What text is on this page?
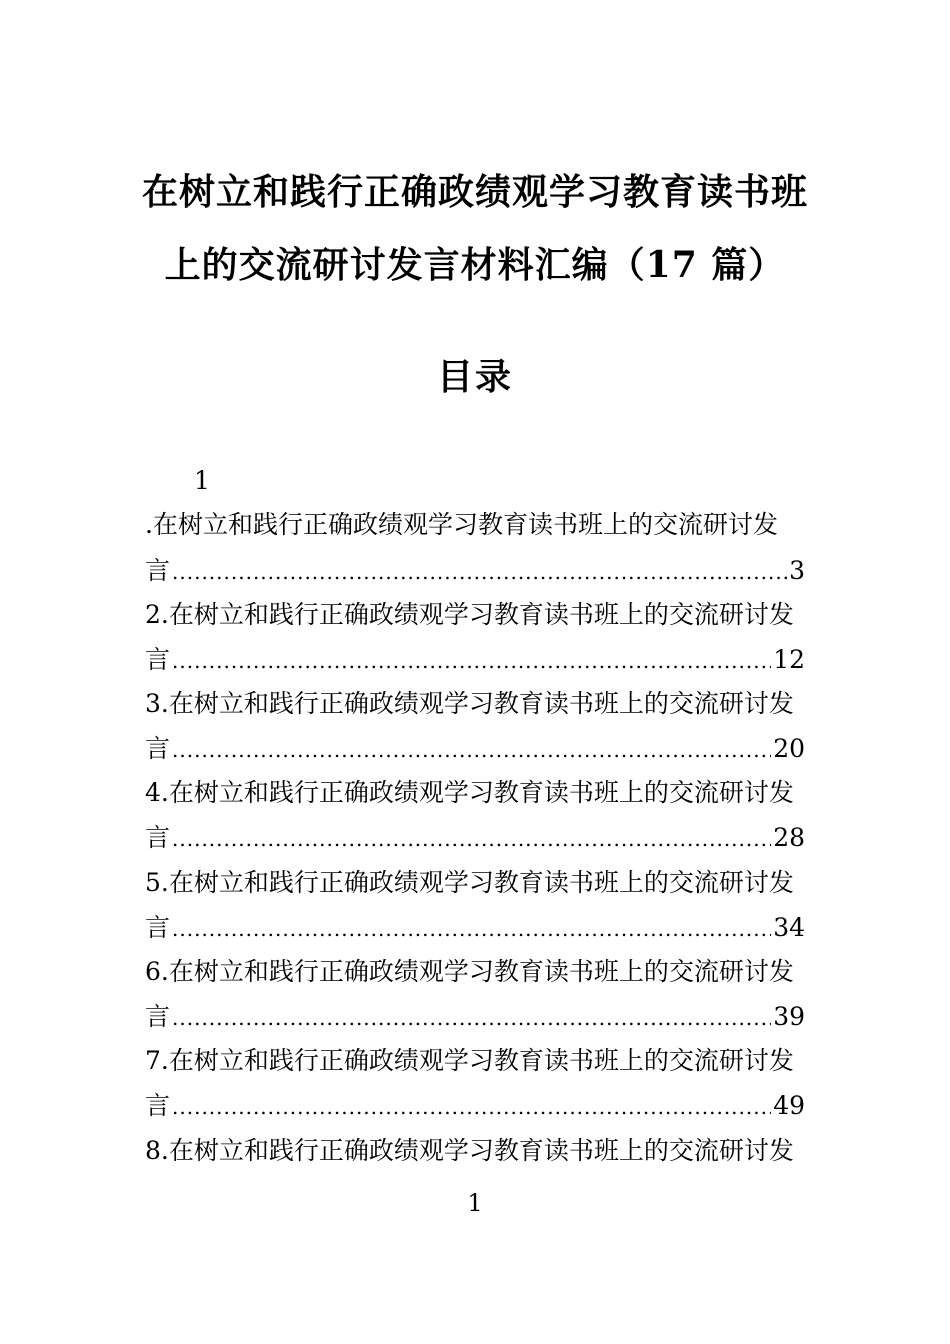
在树立和践行正确政绩观学习教育读书班
上的交流研讨发言材料汇编（17 篇）
目录
1
.在树立和践行正确政绩观学习教育读书班上的交流研讨发
言 .....	3
2.在树立和践行正确政绩观学习教育读书班上的交流研讨发
言 .....	12
3.在树立和践行正确政绩观学习教育读书班上的交流研讨发
言 .....	20
4.在树立和践行正确政绩观学习教育读书班上的交流研讨发
言 .....	28
5.在树立和践行正确政绩观学习教育读书班上的交流研讨发
言 .....	34
6.在树立和践行正确政绩观学习教育读书班上的交流研讨发
言 .....	39
7.在树立和践行正确政绩观学习教育读书班上的交流研讨发
言 .....	49
8.在树立和践行正确政绩观学习教育读书班上的交流研讨发
1
